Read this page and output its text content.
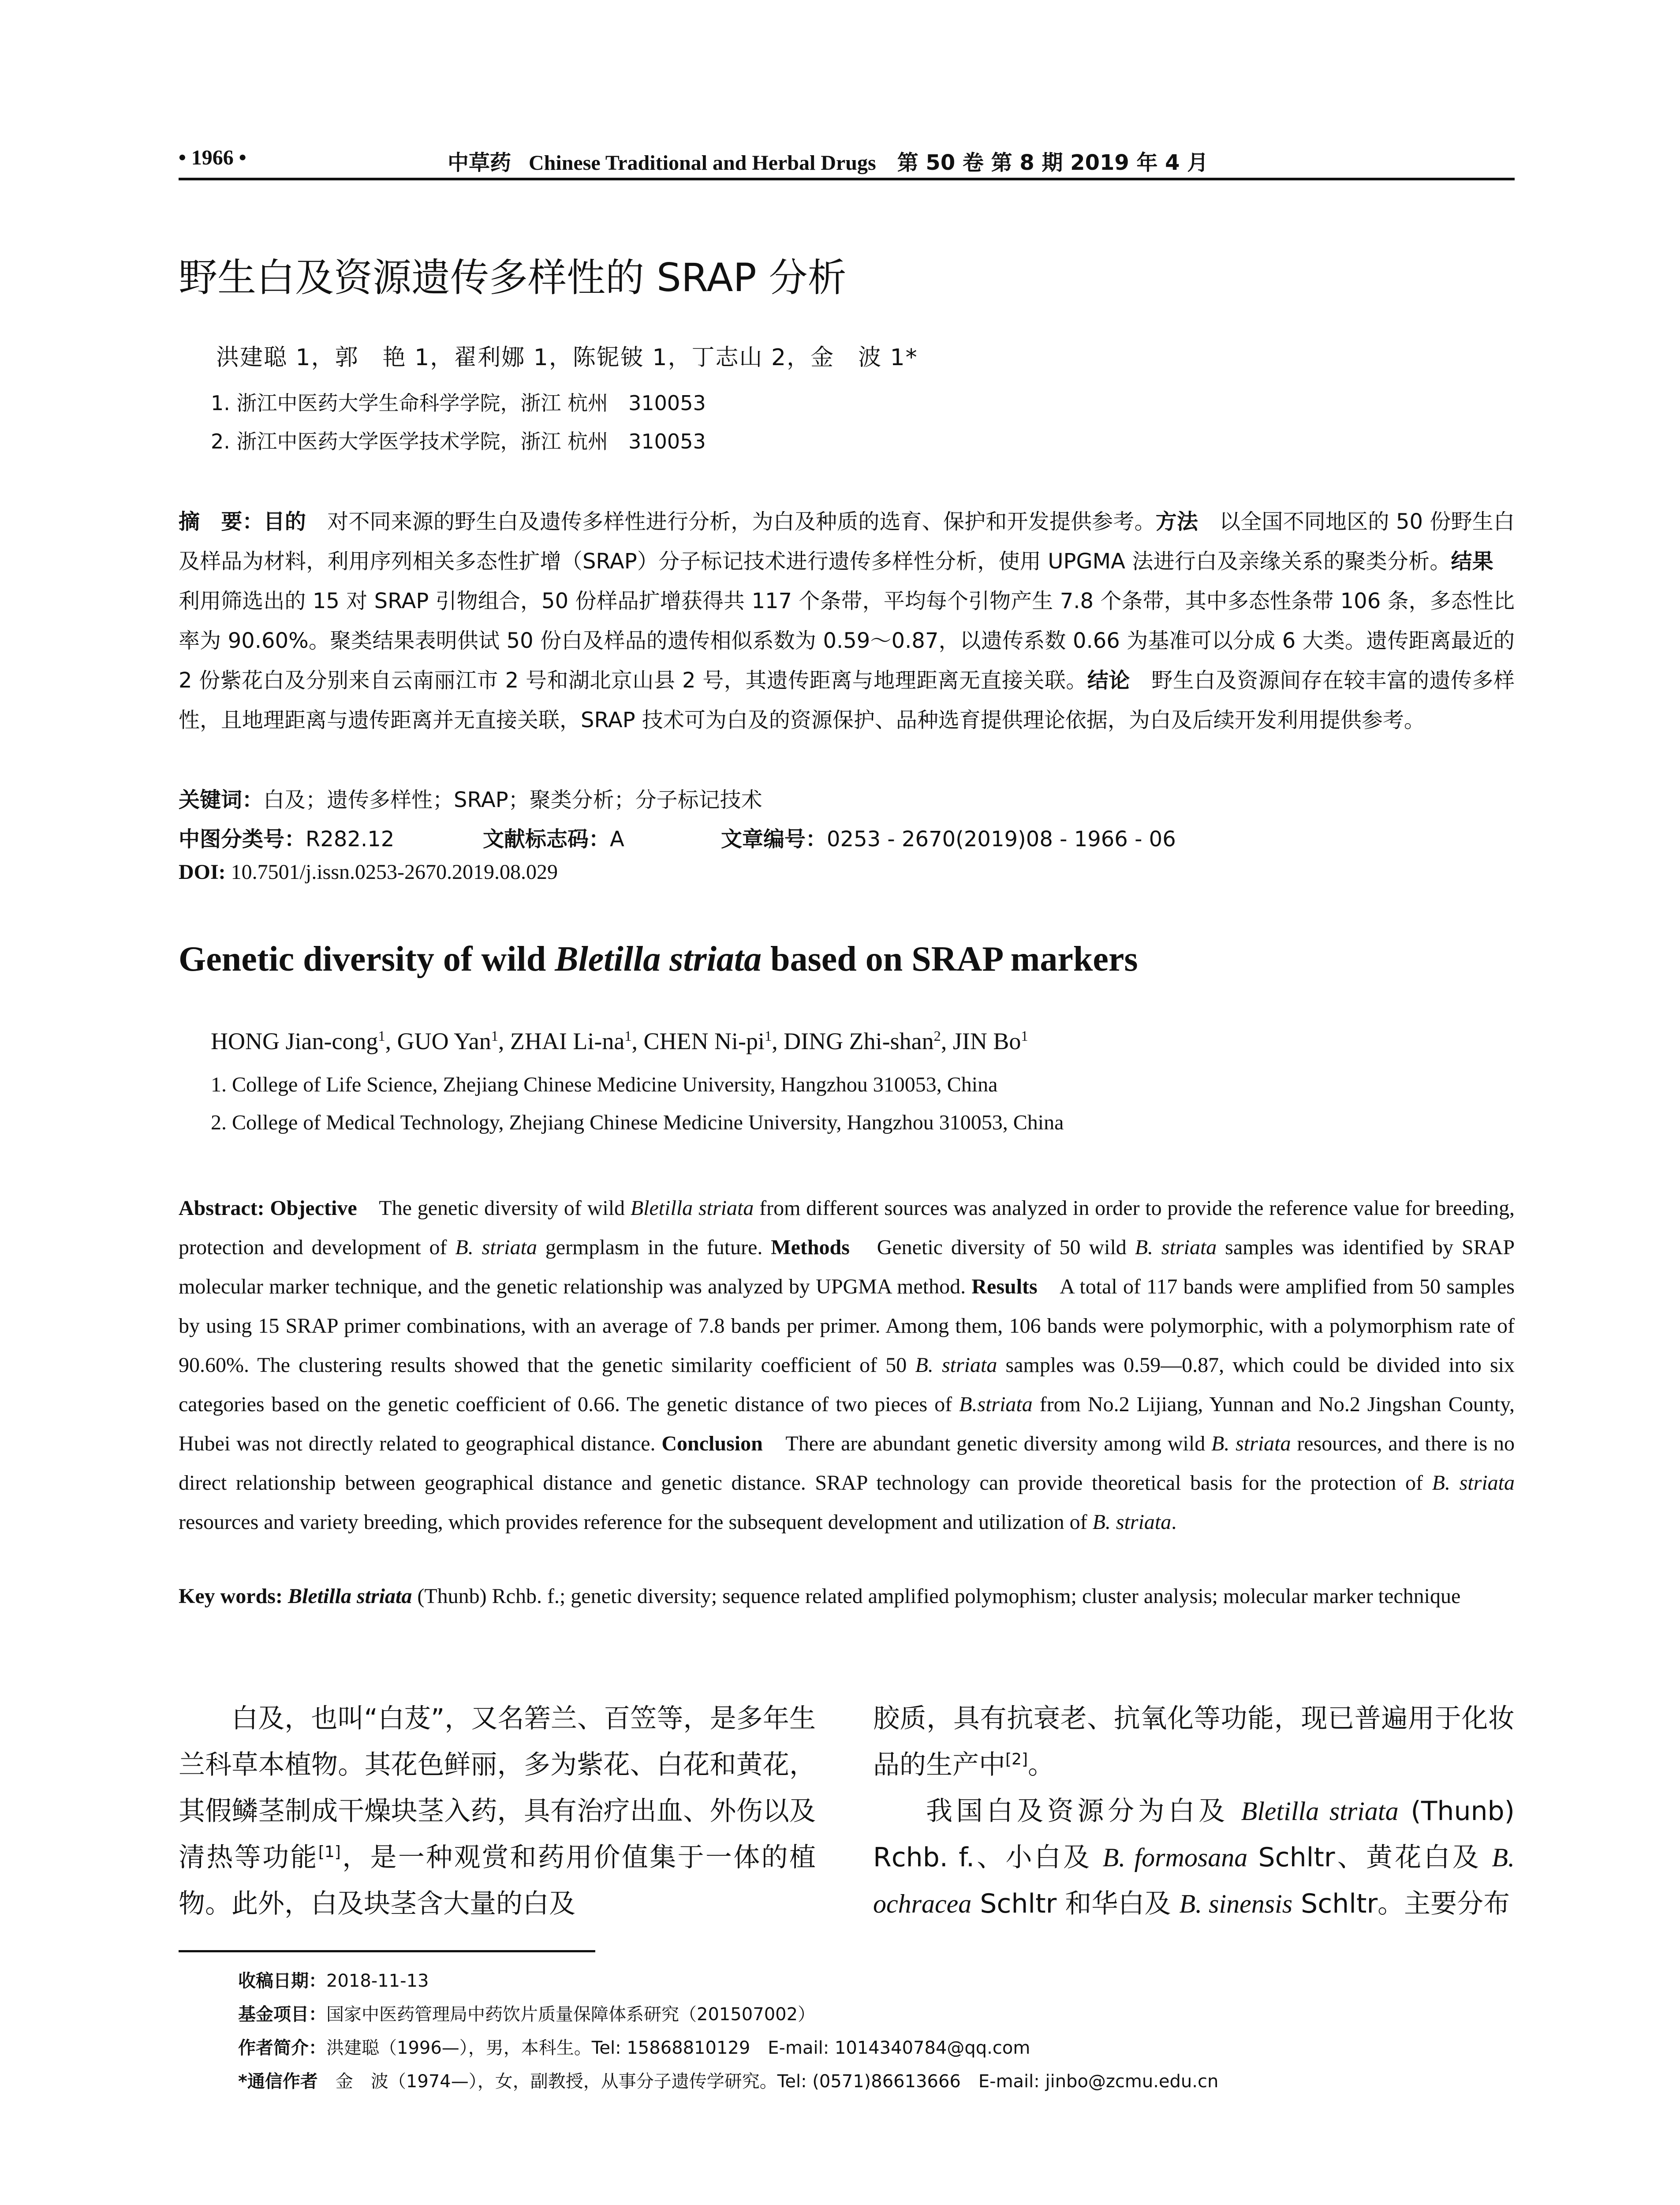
• 1966 •	中草药 Chinese Traditional and Herbal Drugs　 第 50 卷 第 8 期 2019 年 4 月
野生白及资源遗传多样性的 SRAP 分析
洪建聪 1，郭　艳 1，翟利娜 1，陈铌铍 1，丁志山 2，金　波 1*
1. 浙江中医药大学生命科学学院，浙江 杭州　310053
2. 浙江中医药大学医学技术学院，浙江 杭州　310053
摘　要：目的　对不同来源的野生白及遗传多样性进行分析，为白及种质的选育、保护和开发提供参考。方法　以全国不同地区的 50 份野生白及样品为材料，利用序列相关多态性扩增（SRAP）分子标记技术进行遗传多样性分析，使用 UPGMA 法进行白及亲缘关系的聚类分析。结果　利用筛选出的 15 对 SRAP 引物组合，50 份样品扩增获得共 117 个条带，平均每个引物产生 7.8 个条带，其中多态性条带 106 条，多态性比率为 90.60%。聚类结果表明供试 50 份白及样品的遗传相似系数为 0.59～0.87，以遗传系数 0.66 为基准可以分成 6 大类。遗传距离最近的 2 份紫花白及分别来自云南丽江市 2 号和湖北京山县 2 号，其遗传距离与地理距离无直接关联。结论　野生白及资源间存在较丰富的遗传多样性，且地理距离与遗传距离并无直接关联，SRAP 技术可为白及的资源保护、品种选育提供理论依据，为白及后续开发利用提供参考。
关键词：白及；遗传多样性；SRAP；聚类分析；分子标记技术
中图分类号：R282.12	文献标志码：A	文章编号：0253 - 2670(2019)08 - 1966 - 06
DOI: 10.7501/j.issn.0253-2670.2019.08.029
Genetic diversity of wild Bletilla striata based on SRAP markers
HONG Jian-cong$^1$, GUO Yan$^1$, ZHAI $Li-na^1$, CHEN $Ni-pi^1$, DING Zhi-shan$^2$, JIN Bo$^1$
1. College of Life Science, Zhejiang Chinese Medicine University, Hangzhou 310053, China
2. College of Medical Technology, Zhejiang Chinese Medicine University, Hangzhou 310053, China
Abstract: Objective　The genetic diversity of wild Bletilla striata from different sources was analyzed in order to provide the reference value for breeding, protection and development of B. striata germplasm in the future. Methods　Genetic diversity of 50 wild B. striata samples was identified by SRAP molecular marker technique, and the genetic relationship was analyzed by UPGMA method. Results　A total of 117 bands were amplified from 50 samples by using 15 SRAP primer combinations, with an average of 7.8 bands per primer. Among them, 106 bands were polymorphic, with a polymorphism rate of 90.60%. The clustering results showed that the genetic similarity coefficient of 50 B. striata samples was 0.59—0.87, which could be divided into six categories based on the genetic coefficient of 0.66. The genetic distance of two pieces of B.striata from No.2 Lijiang, Yunnan and No.2 Jingshan County, Hubei was not directly related to geographical distance. Conclusion　There are abundant genetic diversity among wild B. striata resources, and there is no direct relationship between geographical distance and genetic distance. SRAP technology can provide theoretical basis for the protection of B. striata resources and variety breeding, which provides reference for the subsequent development and utilization of B. striata.
Key words: Bletilla striata (Thunb) Rchb. f.; genetic diversity; sequence related amplified polymophism; cluster analysis; molecular marker technique
白及，也叫“白芨”，又名箬兰、百笠等，是多年生兰科草本植物。其花色鲜丽，多为紫花、白花和黄花，其假鳞茎制成干燥块茎入药，具有治疗出血、外伤以及清热等功能[1]，是一种观赏和药用价值集于一体的植物。此外，白及块茎含大量的白及
胶质，具有抗衰老、抗氧化等功能，现已普遍用于化妆品的生产中[2]。
我国白及资源分为白及 Bletilla striata (Thunb) Rchb. f.、小白及 B. formosana Schltr、黄花白及 B. ochracea Schltr 和华白及 B. sinensis Schltr。主要分布
收稿日期：2018-11-13
基金项目：国家中医药管理局中药饮片质量保障体系研究（201507002）
作者简介：洪建聪（1996—），男，本科生。Tel: 15868810129　E-mail: 1014340784@qq.com
*通信作者　金　波（1974—），女，副教授，从事分子遗传学研究。Tel: (0571)86613666　E-mail: jinbo@zcmu.edu.cn
